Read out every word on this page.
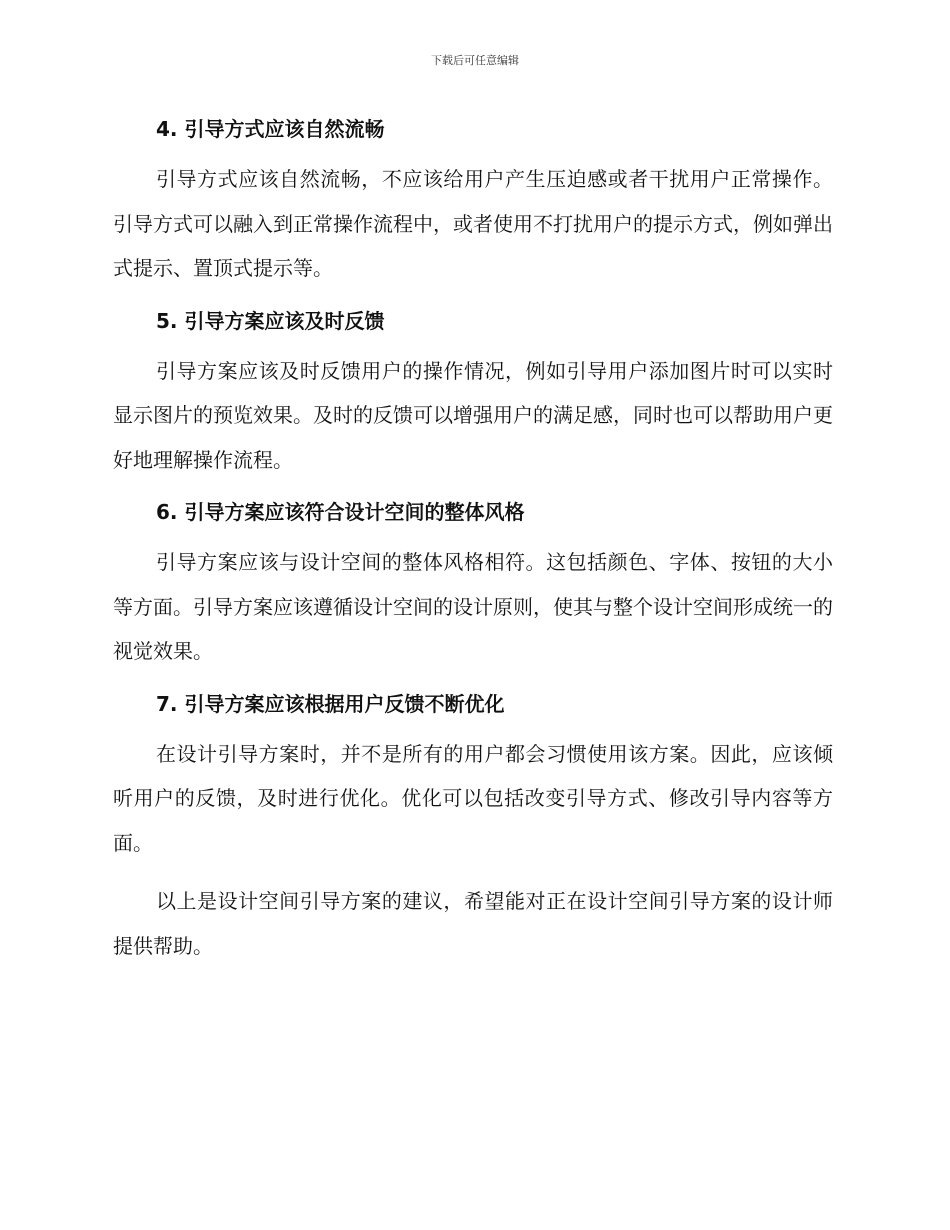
下载后可任意编辑
4. 引导方式应该自然流畅

引导方式应该自然流畅，不应该给用户产生压迫感或者干扰用户正常操作。引导方式可以融入到正常操作流程中，或者使用不打扰用户的提示方式，例如弹出式提示、置顶式提示等。

5. 引导方案应该及时反馈

引导方案应该及时反馈用户的操作情况，例如引导用户添加图片时可以实时显示图片的预览效果。及时的反馈可以增强用户的满足感，同时也可以帮助用户更好地理解操作流程。

6. 引导方案应该符合设计空间的整体风格

引导方案应该与设计空间的整体风格相符。这包括颜色、字体、按钮的大小等方面。引导方案应该遵循设计空间的设计原则，使其与整个设计空间形成统一的视觉效果。

7. 引导方案应该根据用户反馈不断优化

在设计引导方案时，并不是所有的用户都会习惯使用该方案。因此，应该倾听用户的反馈，及时进行优化。优化可以包括改变引导方式、修改引导内容等方面。

以上是设计空间引导方案的建议，希望能对正在设计空间引导方案的设计师提供帮助。
